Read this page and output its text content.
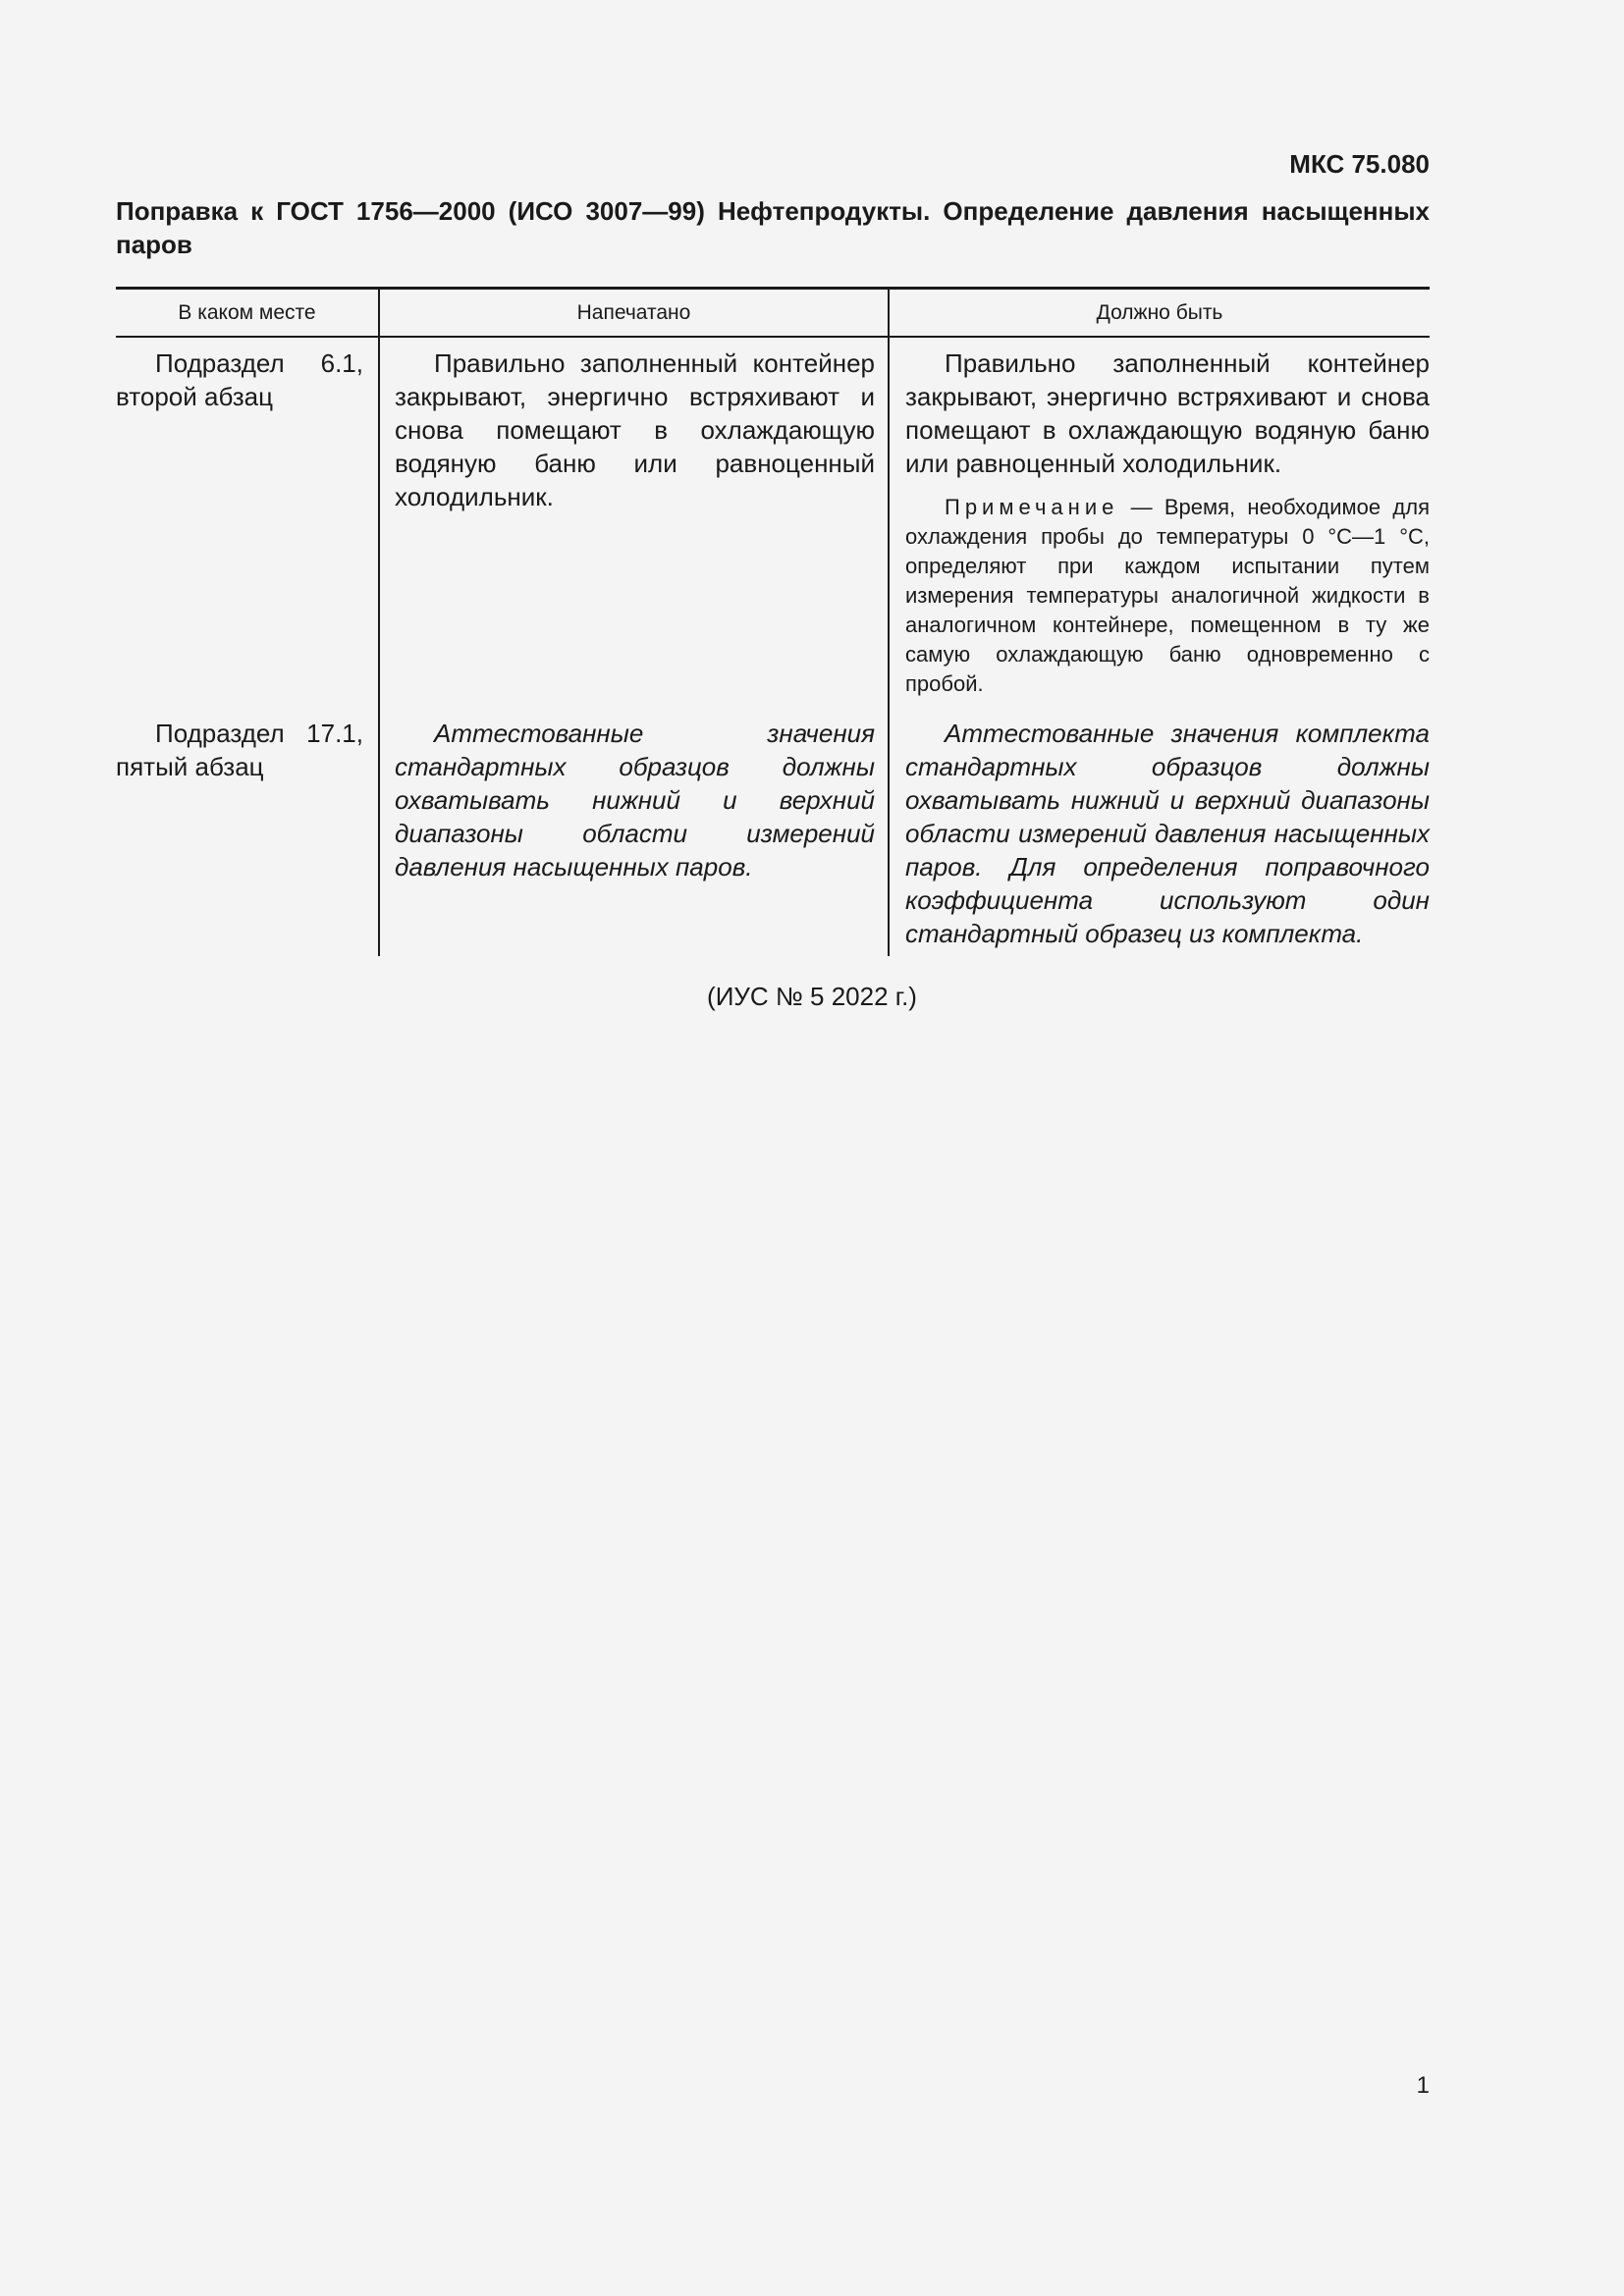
МКС 75.080
Поправка к ГОСТ 1756—2000 (ИСО 3007—99) Нефтепродукты. Определение давления насыщенных паров
В каком месте	Напечатано	Должно быть
Подраздел 6.1, второй абзац
Правильно заполненный контейнер закрывают, энергично встряхивают и снова помещают в охлаждающую водяную баню или равноценный холодильник.
Правильно заполненный контейнер закрывают, энергично встряхивают и снова помещают в охлаждающую водяную баню или равноценный холодильник.
Примечание — Время, необходимое для охлаждения пробы до температуры 0 °С—1 °С, определяют при каждом испытании путем измерения температуры аналогичной жидкости в аналогичном контейнере, помещенном в ту же самую охлаждающую баню одновременно с пробой.
Подраздел 17.1, пятый абзац
Аттестованные значения стандартных образцов должны охватывать нижний и верхний диапазоны области измерений давления насыщенных паров.
Аттестованные значения комплекта стандартных образцов должны охватывать нижний и верхний диапазоны области измерений давления насыщенных паров. Для определения поправочного коэффициента используют один стандартный образец из комплекта.
(ИУС № 5 2022 г.)
1
